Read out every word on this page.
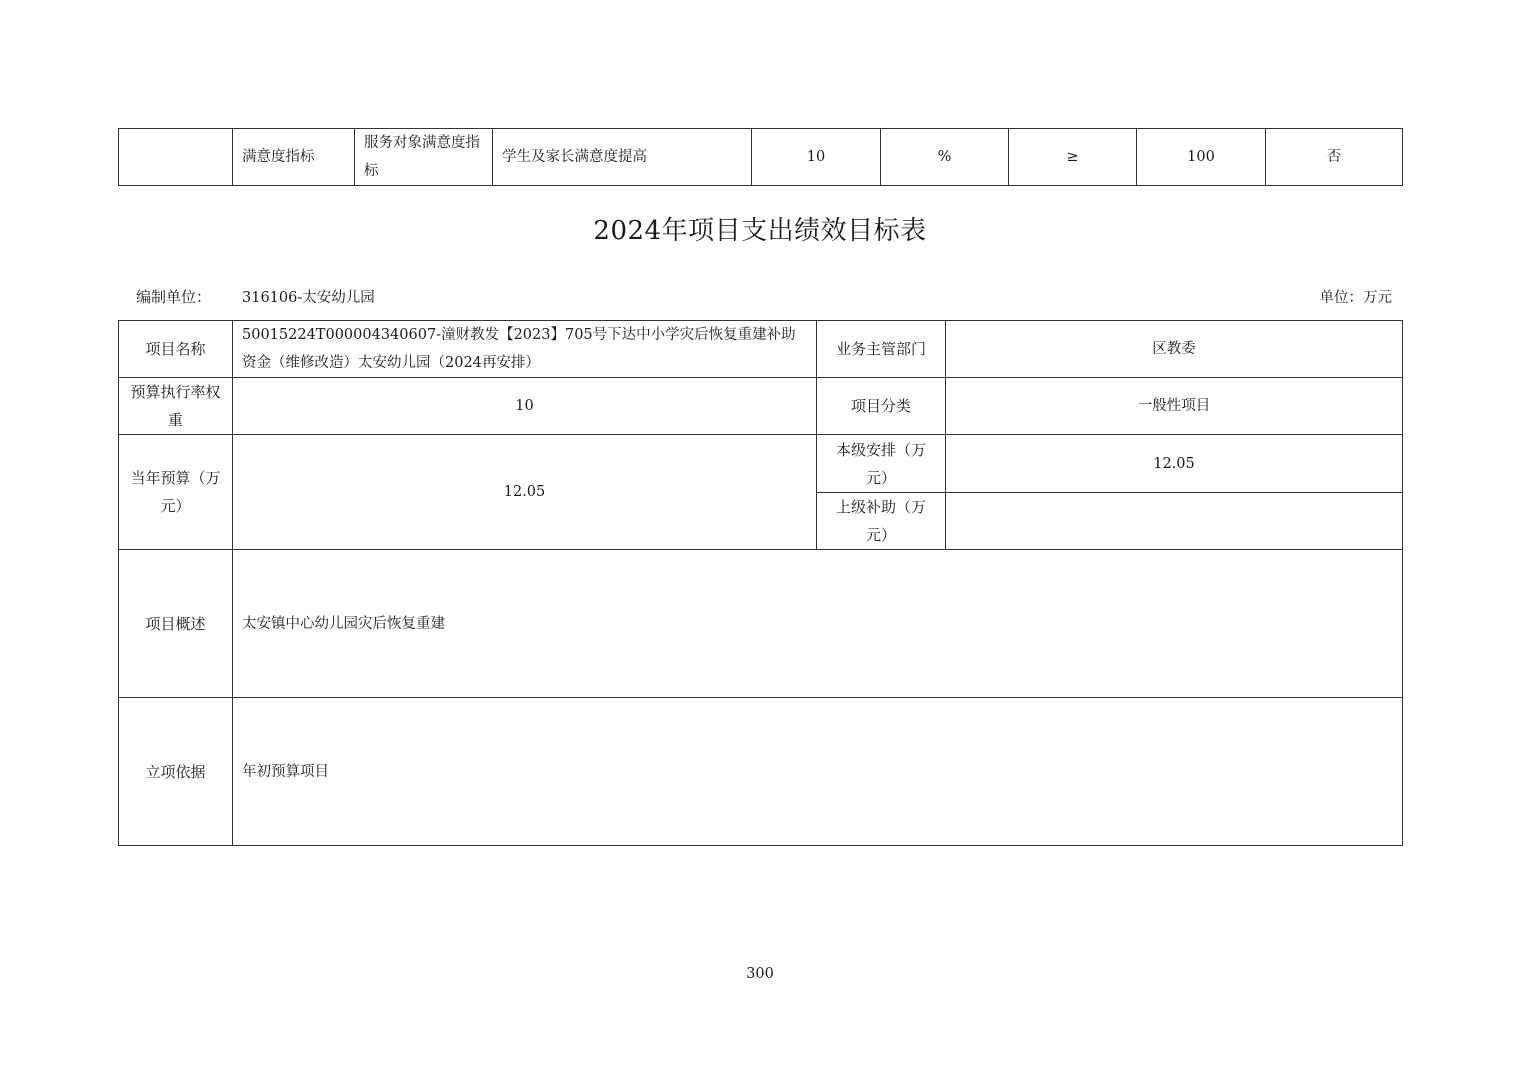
	满意度指标	服务对象满意度指标	学生及家长满意度提高	10	%	≥	100	否
2024年项目支出绩效目标表
编制单位： 316106-太安幼儿园	单位：万元
项目名称	50015224T000004340607-潼财教发【2023】705号下达中小学灾后恢复重建补助资金（维修改造）太安幼儿园（2024再安排）	业务主管部门	区教委
预算执行率权重	10	项目分类	一般性项目
当年预算（万元）	12.05	本级安排（万元）	12.05
		上级补助（万元）	
项目概述	太安镇中心幼儿园灾后恢复重建		
立项依据	年初预算项目		
300
